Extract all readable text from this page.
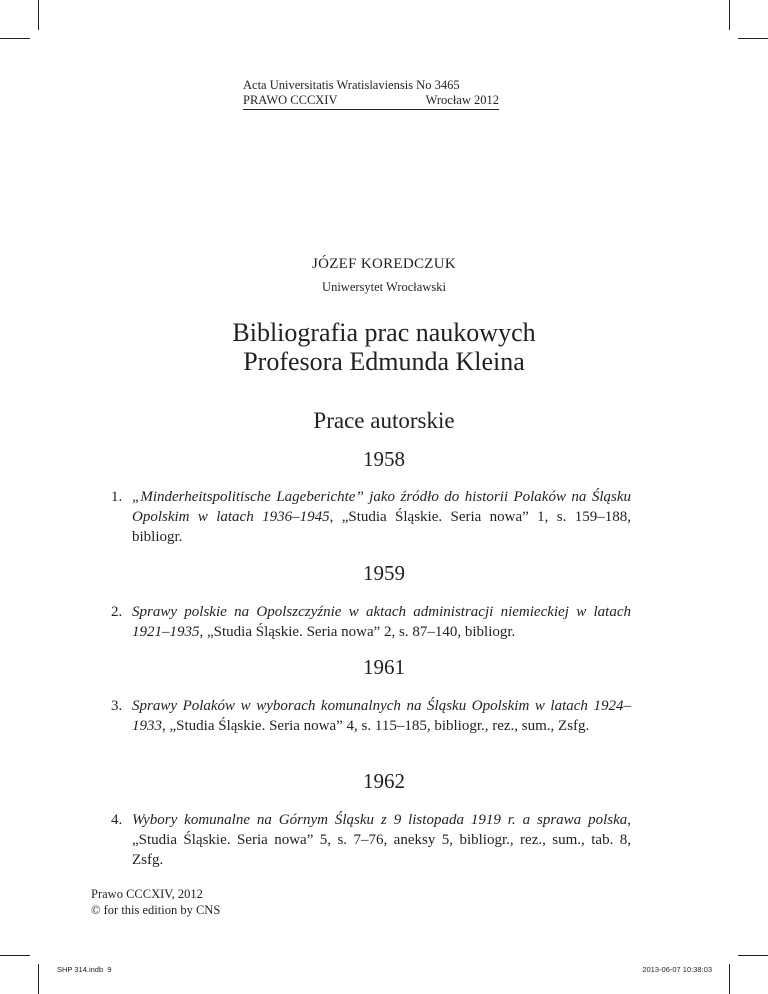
Acta Universitatis Wratislaviensis No 3465
PRAWO CCCXIV	Wrocław 2012
JÓZEF KOREDCZUK
Uniwersytet Wrocławski
Bibliografia prac naukowych
Profesora Edmunda Kleina
Prace autorskie
1958
1. „Minderheitspolitische Lageberichte” jako źródło do historii Polaków na Śląsku Opolskim w latach 1936–1945, „Studia Śląskie. Seria nowa” 1, s. 159–188, bibliogr.
1959
2. Sprawy polskie na Opolszczyźnie w aktach administracji niemieckiej w latach 1921–1935, „Studia Śląskie. Seria nowa” 2, s. 87–140, bibliogr.
1961
3. Sprawy Polaków w wyborach komunalnych na Śląsku Opolskim w latach 1924–1933, „Studia Śląskie. Seria nowa” 4, s. 115–185, bibliogr., rez., sum., Zsfg.
1962
4. Wybory komunalne na Górnym Śląsku z 9 listopada 1919 r. a sprawa polska, „Studia Śląskie. Seria nowa” 5, s. 7–76, aneksy 5, bibliogr., rez., sum., tab. 8, Zsfg.
Prawo CCCXIV, 2012
© for this edition by CNS
SHP 314.indb 9	2013-06-07 10:38:03
